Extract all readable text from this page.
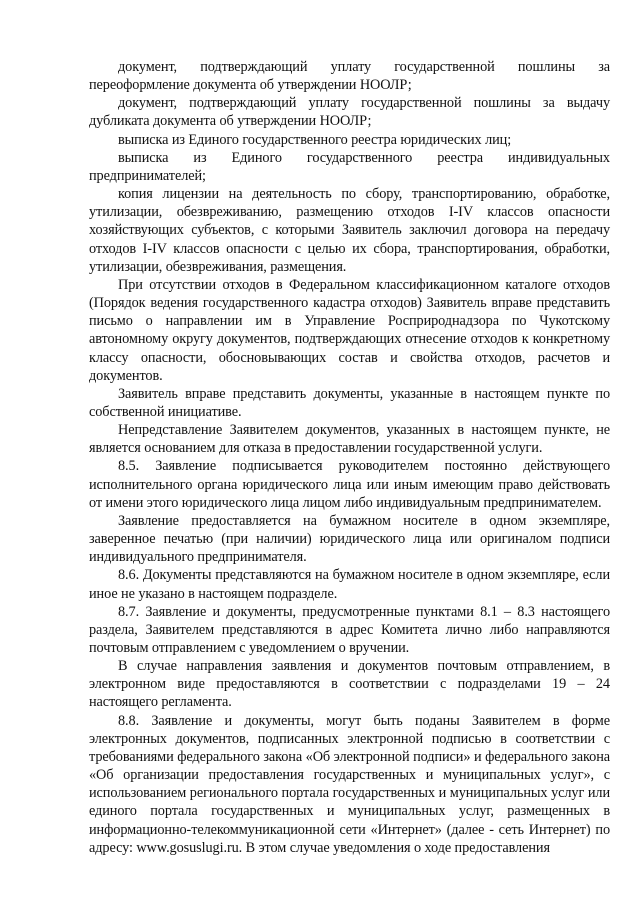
документ, подтверждающий уплату государственной пошлины за переоформление документа об утверждении НООЛР;

документ, подтверждающий уплату государственной пошлины за выдачу дубликата документа об утверждении НООЛР;

выписка из Единого государственного реестра юридических лиц;

выписка из Единого государственного реестра индивидуальных предпринимателей;

копия лицензии на деятельность по сбору, транспортированию, обработке, утилизации, обезвреживанию, размещению отходов I-IV классов опасности хозяйствующих субъектов, с которыми Заявитель заключил договора на передачу отходов I-IV классов опасности с целью их сбора, транспортирования, обработки, утилизации, обезвреживания, размещения.

При отсутствии отходов в Федеральном классификационном каталоге отходов (Порядок ведения государственного кадастра отходов) Заявитель вправе представить письмо о направлении им в Управление Росприроднадзора по Чукотскому автономному округу документов, подтверждающих отнесение отходов к конкретному классу опасности, обосновывающих состав и свойства отходов, расчетов и документов.

Заявитель вправе представить документы, указанные в настоящем пункте по собственной инициативе.

Непредставление Заявителем документов, указанных в настоящем пункте, не является основанием для отказа в предоставлении государственной услуги.

8.5. Заявление подписывается руководителем постоянно действующего исполнительного органа юридического лица или иным имеющим право действовать от имени этого юридического лица лицом либо индивидуальным предпринимателем.

Заявление предоставляется на бумажном носителе в одном экземпляре, заверенное печатью (при наличии) юридического лица или оригиналом подписи индивидуального предпринимателя.

8.6. Документы представляются на бумажном носителе в одном экземпляре, если иное не указано в настоящем подразделе.

8.7. Заявление и документы, предусмотренные пунктами 8.1 – 8.3 настоящего раздела, Заявителем представляются в адрес Комитета лично либо направляются почтовым отправлением с уведомлением о вручении.

В случае направления заявления и документов почтовым отправлением, в электронном виде предоставляются в соответствии с подразделами 19 – 24 настоящего регламента.

8.8. Заявление и документы, могут быть поданы Заявителем в форме электронных документов, подписанных электронной подписью в соответствии с требованиями федерального закона «Об электронной подписи» и федерального закона «Об организации предоставления государственных и муниципальных услуг», с использованием регионального портала государственных и муниципальных услуг или единого портала государственных и муниципальных услуг, размещенных в информационно-телекоммуникационной сети «Интернет» (далее - сеть Интернет) по адресу: www.gosuslugi.ru. В этом случае уведомления о ходе предоставления
